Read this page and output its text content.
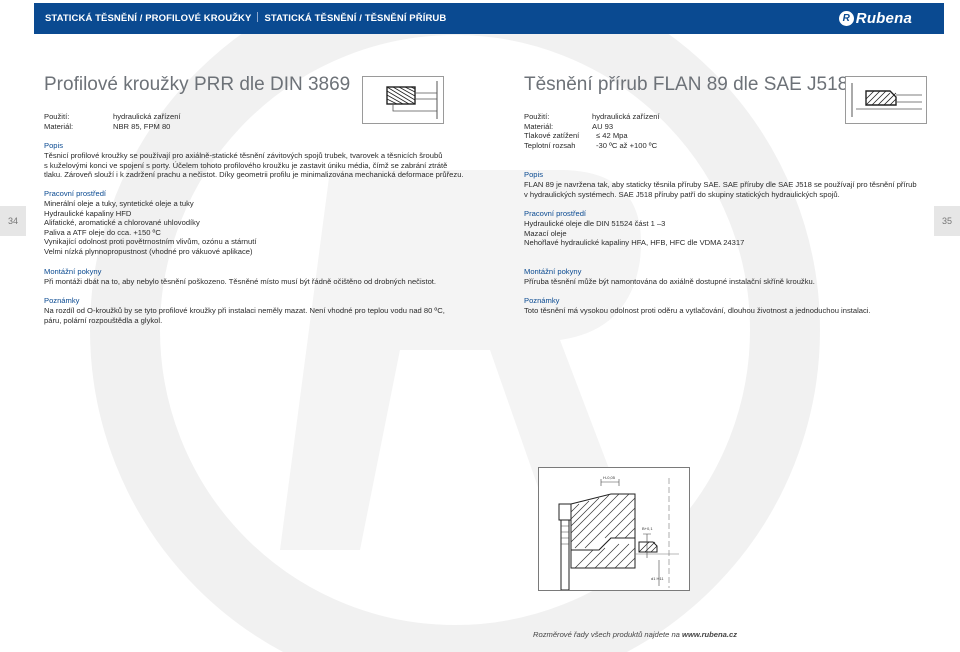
STATICKÁ TĚSNĚNÍ / PROFILOVÉ KROUŽKY STATICKÁ TĚSNĚNÍ / TĚSNĚNÍ PŘÍRUB	R Rubena
34	35
Profilové kroužky PRR dle DIN 3869
Použití:	hydraulická zařízení
Materiál:	NBR 85, FPM 80
Popis
Těsnicí profilové kroužky se používají pro axiálně-statické těsnění závitových spojů trubek, tvarovek a těsnicích šroubů
s kuželovými konci ve spojení s porty. Účelem tohoto profilového kroužku je zastavit úniku média, čímž se zabrání ztrátě
tlaku. Zároveň slouží i k zadržení prachu a nečistot. Díky geometrii profilu je minimalizována mechanická deformace průřezu.
Pracovní prostředí
Minerální oleje a tuky, syntetické oleje a tuky
Hydraulické kapaliny HFD
Alifatické, aromatické a chlorované uhlovodíky
Paliva a ATF oleje do cca. +150 ºC
Vynikající odolnost proti povětrnostním vlivům, ozónu a stárnutí
Velmi nízká plynnopropustnost (vhodné pro vákuové aplikace)
Montážní pokyny
Při montáži dbát na to, aby nebylo těsnění poškozeno. Těsněné místo musí být řádně očištěno od drobných nečistot.
Poznámky
Na rozdíl od O-kroužků by se tyto profilové kroužky při instalaci neměly mazat. Není vhodné pro teplou vodu nad 80 ºC,
páru, polární rozpouštědla a glykol.
Těsnění přírub FLAN 89 dle SAE J518
Použití:	hydraulická zařízení
Materiál:	AU 93
Tlakové zatížení ≤ 42 Mpa
Teplotní rozsah	-30 ºC až +100 ºC
Popis
FLAN 89 je navržena tak, aby staticky těsnila příruby SAE. SAE příruby dle SAE J518 se používají pro těsnění přírub
v hydraulických systémech. SAE J518 příruby patří do skupiny statických hydraulických spojů.
Pracovní prostředí
Hydraulické oleje dle DIN 51524 část 1 –3
Mazací oleje
Nehořlavé hydraulické kapaliny HFA, HFB, HFC dle VDMA 24317
Montážní pokyny
Příruba těsnění může být namontována do axiálně dostupné instalační skříně kroužku.
Poznámky
Toto těsnění má vysokou odolnost proti oděru a vytlačování, dlouhou životnost a jednoduchou instalaci.
H-0,05
B+0,1
d1 H11
Rozměrové řady všech produktů najdete na www.rubena.cz
